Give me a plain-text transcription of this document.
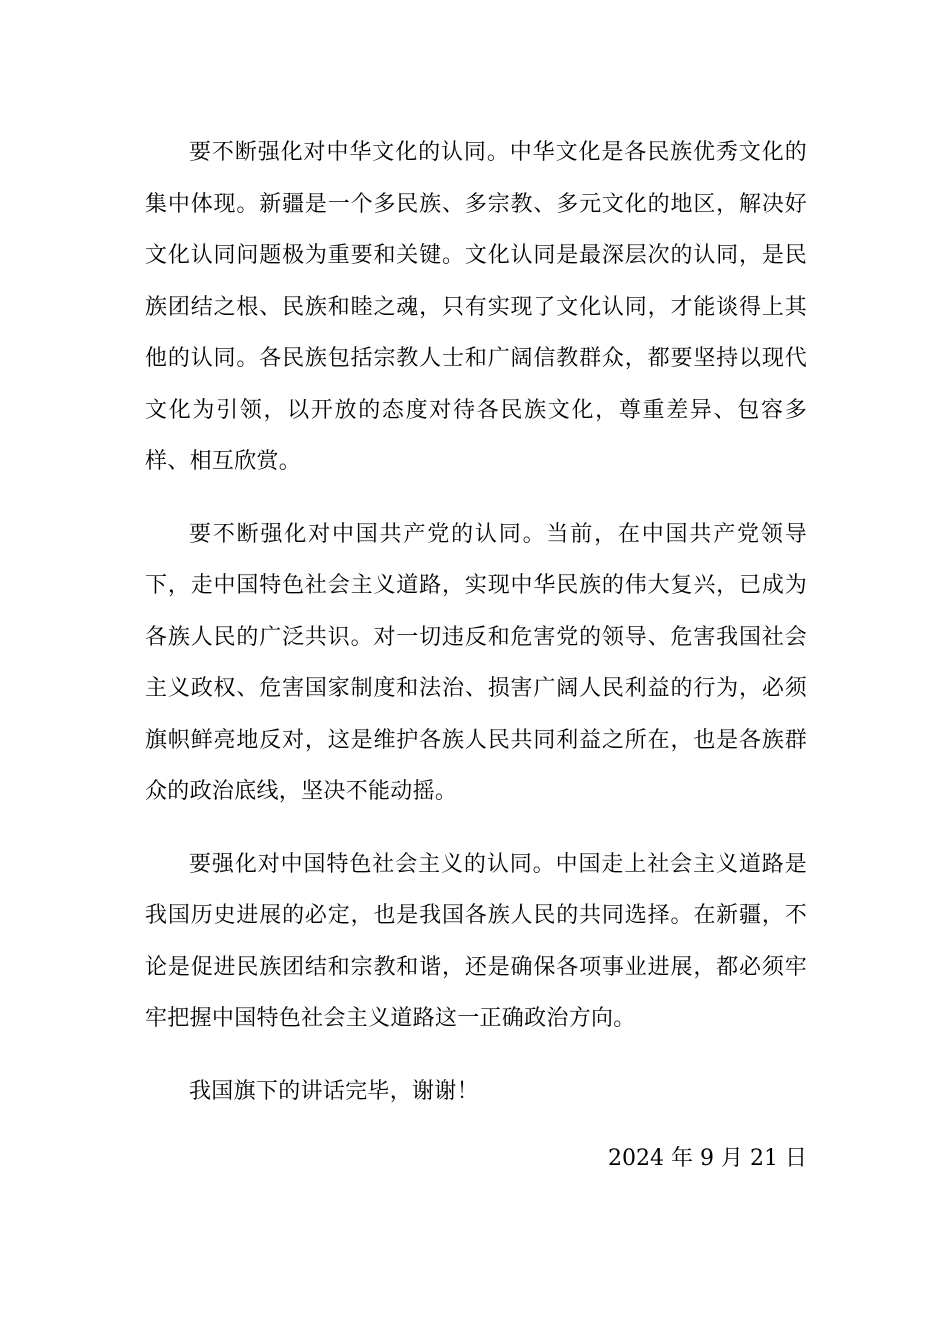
要不断强化对中华文化的认同。中华文化是各民族优秀文化的集中体现。新疆是一个多民族、多宗教、多元文化的地区，解决好文化认同问题极为重要和关键。文化认同是最深层次的认同，是民族团结之根、民族和睦之魂，只有实现了文化认同，才能谈得上其他的认同。各民族包括宗教人士和广阔信教群众，都要坚持以现代文化为引领，以开放的态度对待各民族文化，尊重差异、包容多样、相互欣赏。

要不断强化对中国共产党的认同。当前，在中国共产党领导下，走中国特色社会主义道路，实现中华民族的伟大复兴，已成为各族人民的广泛共识。对一切违反和危害党的领导、危害我国社会主义政权、危害国家制度和法治、损害广阔人民利益的行为，必须旗帜鲜亮地反对，这是维护各族人民共同利益之所在，也是各族群众的政治底线，坚决不能动摇。

要强化对中国特色社会主义的认同。中国走上社会主义道路是我国历史进展的必定，也是我国各族人民的共同选择。在新疆，不论是促进民族团结和宗教和谐，还是确保各项事业进展，都必须牢牢把握中国特色社会主义道路这一正确政治方向。

我国旗下的讲话完毕，谢谢！

2024 年 9 月 21 日
